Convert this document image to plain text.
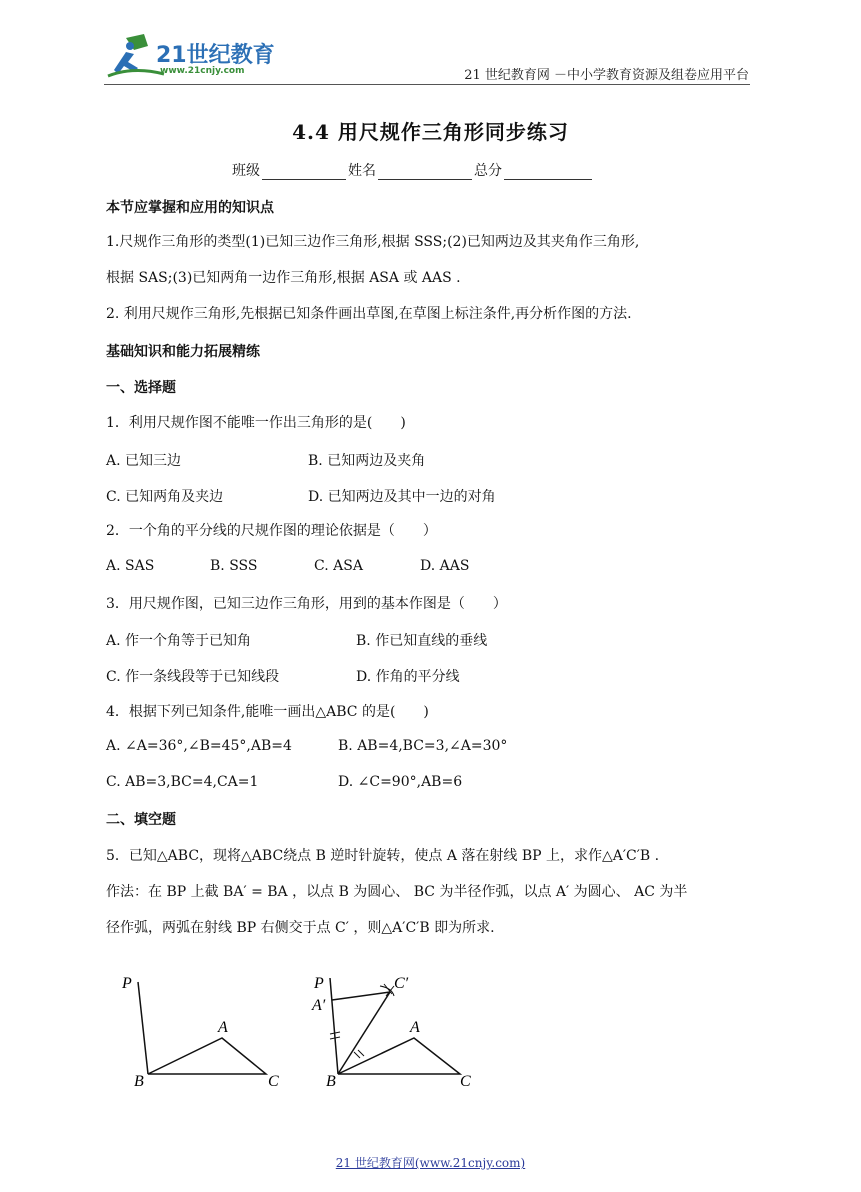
21世纪教育
www.21cnjy.com	21 世纪教育网 －中小学教育资源及组卷应用平台
4.4 用尺规作三角形同步练习
班级	姓名	总分
本节应掌握和应用的知识点
1.尺规作三角形的类型(1)已知三边作三角形,根据 SSS;(2)已知两边及其夹角作三角形,
根据 SAS;(3)已知两角一边作三角形,根据 ASA 或 AAS .
2. 利用尺规作三角形,先根据已知条件画出草图,在草图上标注条件,再分析作图的方法.
基础知识和能力拓展精练
一、选择题
1．利用尺规作图不能唯一作出三角形的是(　　)
A. 已知三边	B. 已知两边及夹角
C. 已知两角及夹边	D. 已知两边及其中一边的对角
2．一个角的平分线的尺规作图的理论依据是（　　）
A. SAS	B. SSS	C. ASA	D. AAS
3．用尺规作图，已知三边作三角形，用到的基本作图是（　　）
A. 作一个角等于已知角	B. 作已知直线的垂线
C. 作一条线段等于已知线段	D. 作角的平分线
4．根据下列已知条件,能唯一画出△ABC 的是(　　)
A. ∠A=36°,∠B=45°,AB=4	B. AB=4,BC=3,∠A=30°
C. AB=3,BC=4,CA=1	D. ∠C=90°,AB=6
二、填空题
5．已知△ABC，现将△ABC绕点 B 逆时针旋转，使点 A 落在射线 BP 上，求作△A′C′B .
作法：在 BP 上截 BA′ = BA ，以点 B 为圆心、 BC 为半径作弧，以点 A′ 为圆心、 AC 为半
径作弧，两弧在射线 BP 右侧交于点 C′ ，则△A′C′B 即为所求.
P
A
B	C
P
A′
C′
A
B	C
21 世纪教育网(www.21cnjy.com)
